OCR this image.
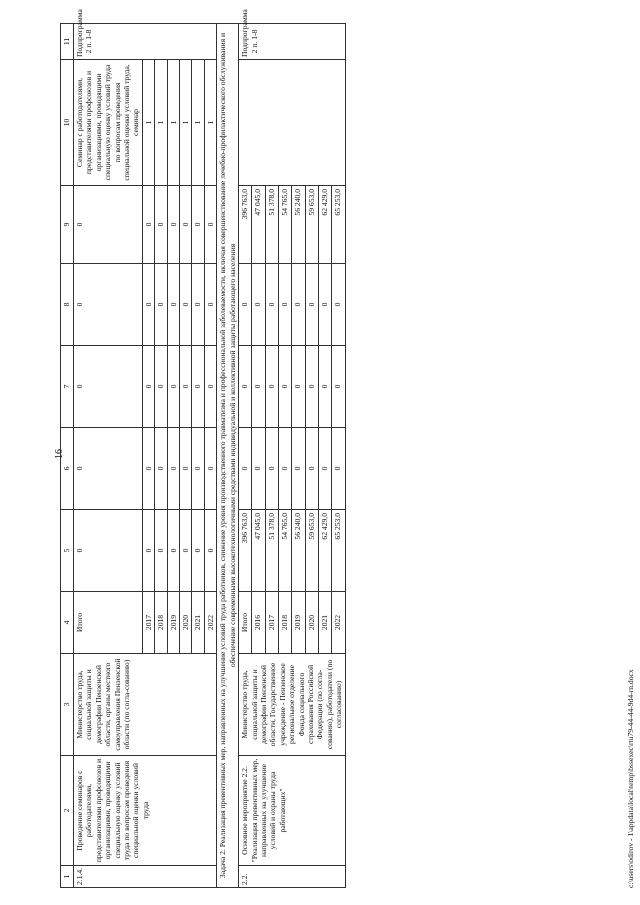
16
1	2	3	4	5	6	7	8	9	10	11
2.1.4.	Проведение семинаров с работодателями, представителями профсоюзов и организациями, проводящими специальную оценку условий труда по вопросам проведения специальной оценки условий труда	Министерство труда, социальной защиты и демографии Пензенской области, органы местного самоуправления Пензенской области (по согла-сованию)	Итого	0	0	0	0	0	Семинар с работодателями, представителями профсоюзов и организациями, проводящими специальную оценку условий труда по вопросам проведения специальной оценки условий труда, семинар	Подпрограмма 2 п. 1-8
			2017	0	0	0	0	0	1	
			2018	0	0	0	0	0	1	
			2019	0	0	0	0	0	1	
			2020	0	0	0	0	0	1	
			2021	0	0	0	0	0	1	
			2022	0	0	0	0	0	1	
Задача 2. Реализация превентивных мер, направленных на улучшение условий труда работников, снижение уровня производственного травматизма и профессиональной заболеваемости, включая совершенствование лечебно-профилактического обслуживания и обеспечение современными высокотехнологичными средствами индивидуальной и коллективной защиты работающего населения										
2.2.	Основное мероприятие 2.2. "Реализация превентивных мер, направленных на улучшение условий и охраны труда работающих"	Министерство труда, социальной защиты и демографии Пензенской области, Государственное учреждение - Пензенское региональное отделение Фонда социального страхования Российской Федерации (по согла-сованию), работодатели (по согласованию)	Итого	396 763,0	0	0	0	396 763,0		Подпрограмма 2 п. 1-8
			2016	47 045,0	0	0	0	47 045,0		
			2017	51 378,0	0	0	0	51 378,0		
			2018	54 765,0	0	0	0	54 765,0		
			2019	56 240,0	0	0	0	56 240,0		
			2020	59 653,0	0	0	0	59 653,0		
			2021	62 429,0	0	0	0	62 429,0		
			2022	65 253,0	0	0	0	65 253,0		
c:\users\odirov - 1\appdata\local\temp\bssexec\rtu79-44-44-9d4-rn.docx
